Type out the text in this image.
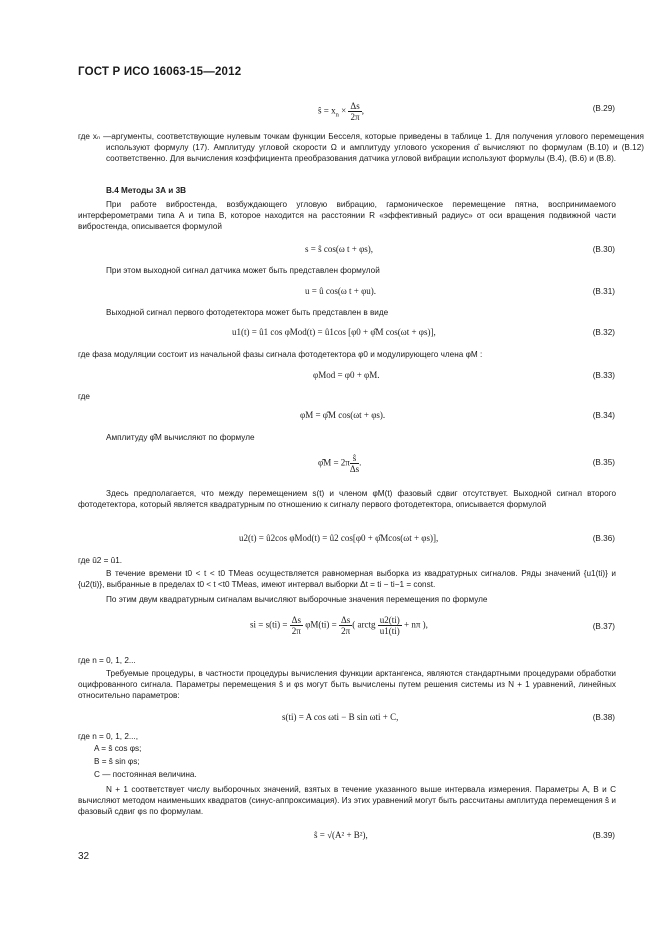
ГОСТ Р ИСО 16063-15—2012
ŝ = $x_n \times \frac{\Delta s}{2\pi}$ ,	(B.29)
где xₙ —аргументы, соответствующие нулевым точкам функции Бесселя, которые приведены в таблице 1. Для получения углового перемещения используют формулу (17). Амплитуду угловой скорости Ω и амплитуду углового ускорения α̂ вычисляют по формулам (B.10) и (B.12) соответственно. Для вычисления коэффициента преобразования датчика угловой вибрации используют формулы (B.4), (B.6) и (B.8).
B.4 Методы 3А и 3В
При работе вибростенда, возбуждающего угловую вибрацию, гармоническое перемещение пятна, воспринимаемого интерферометрами типа А и типа В, которое находится на расстоянии R «эффективный радиус» от оси вращения подвижной части вибростенда, описывается формулой
s = ŝ cos(ω t + φs),	(B.30)
При этом выходной сигнал датчика может быть представлен формулой
u = û cos(ω t + φu).	(B.31)
Выходной сигнал первого фотодетектора может быть представлен в виде
u1(t) = û1 cos φMod(t) = û1cos [φ0 + φ̂M cos(ωt + φs)],	(B.32)
где фаза модуляции состоит из начальной фазы сигнала фотодетектора φ0 и модулирующего члена φM :
φMod = φ0 + φM.	(B.33)
где
φM = φ̂M cos(ωt + φs).	(B.34)
Амплитуду φ̂M вычисляют по формуле
φ̂M = $2\pi \frac{ŝ}{\Delta s}$ .	(B.35)
Здесь предполагается, что между перемещением s(t) и членом φM(t) фазовый сдвиг отсутствует. Выходной сигнал второго фотодетектора, который является квадратурным по отношению к сигналу первого фотодетектора, описывается формулой
u2(t) = û2cos φMod(t) = û2 cos[φ0 + φ̂Mcos(ωt + φs)],	(B.36)
где û2 = û1.
В течение времени t0 < t < t0 TMeas осуществляется равномерная выборка из квадратурных сигналов. Ряды значений {u1(ti)} и {u2(ti)}, выбранные в пределах t0 < t <t0 TMeas, имеют интервал выборки Δt = ti − ti−1 = const.
По этим двум квадратурным сигналам вычисляют выборочные значения перемещения по формуле
si = $s(ti) = \frac{\Delta s}{2\pi} \varphi M(ti) = \frac{\Delta s}{2\pi}$ ( arctg $\frac{u2(ti)}{u1(ti)} + n\pi$ ),	(B.37)
где n = 0, 1, 2...
Требуемые процедуры, в частности процедуры вычисления функции арктангенса, являются стандартными процедурами обработки оцифрованного сигнала. Параметры перемещения ŝ и φs могут быть вычислены путем решения системы из N + 1 уравнений, линейных относительно параметров:
s(ti) = A cos ωti − B sin ωti + C,	(B.38)
где n = 0, 1, 2...,
A = ŝ cos φs;
B = ŝ sin φs;
C — постоянная величина.
N + 1 соответствует числу выборочных значений, взятых в течение указанного выше интервала измерения. Параметры A, B и C вычисляют методом наименьших квадратов (синус-аппроксимация). Из этих уравнений могут быть рассчитаны амплитуда перемещения ŝ и фазовый сдвиг φs по формулам.
ŝ = √(A² + B²),	(B.39)
32
